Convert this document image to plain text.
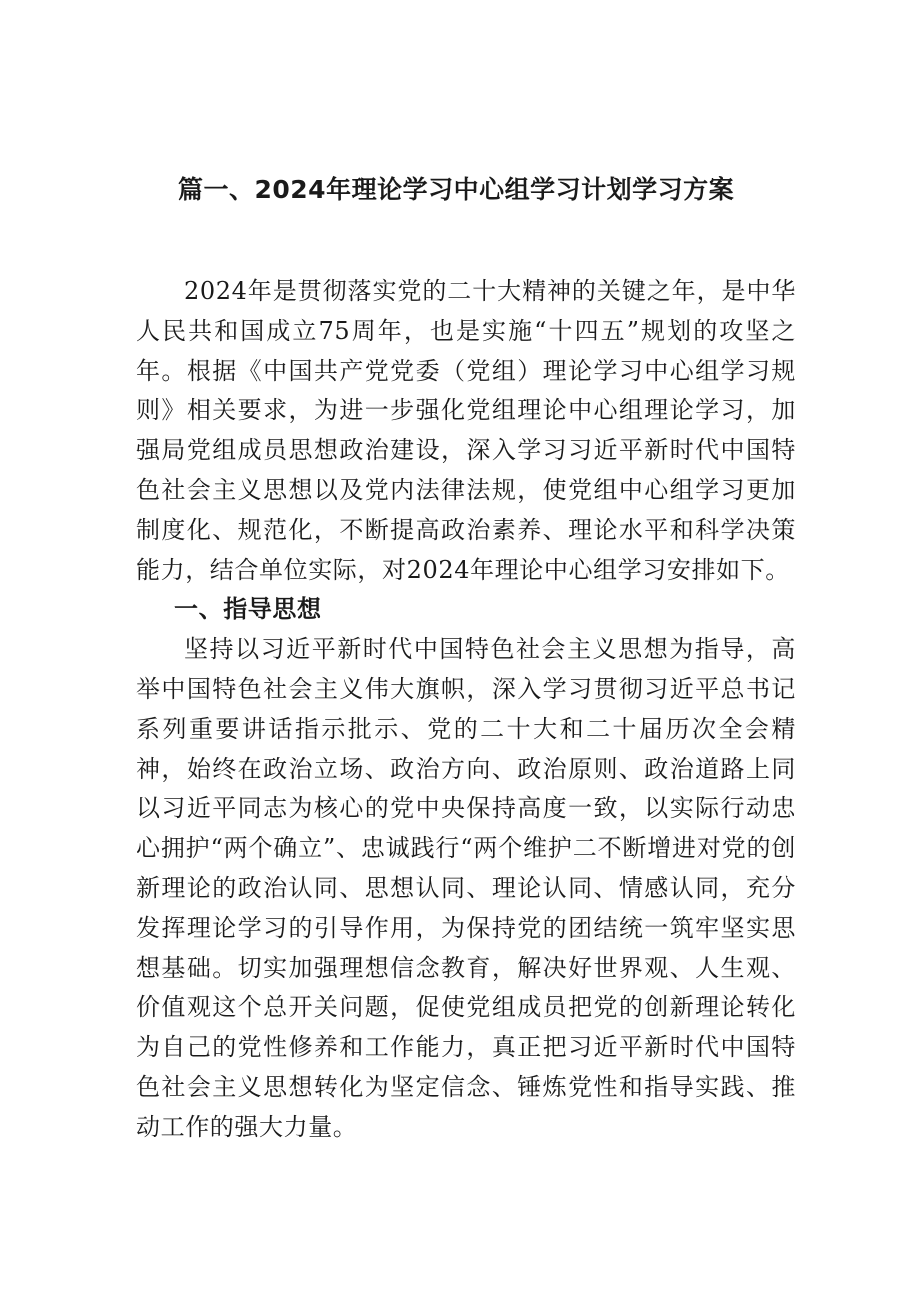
篇一、2024年理论学习中心组学习计划学习方案

2024年是贯彻落实党的二十大精神的关键之年，是中华人民共和国成立75周年，也是实施“十四五”规划的攻坚之年。根据《中国共产党党委（党组）理论学习中心组学习规则》相关要求，为进一步强化党组理论中心组理论学习，加强局党组成员思想政治建设，深入学习习近平新时代中国特色社会主义思想以及党内法律法规，使党组中心组学习更加制度化、规范化，不断提高政治素养、理论水平和科学决策能力，结合单位实际，对2024年理论中心组学习安排如下。

一、指导思想

坚持以习近平新时代中国特色社会主义思想为指导，高举中国特色社会主义伟大旗帜，深入学习贯彻习近平总书记系列重要讲话指示批示、党的二十大和二十届历次全会精神，始终在政治立场、政治方向、政治原则、政治道路上同以习近平同志为核心的党中央保持高度一致，以实际行动忠心拥护“两个确立”、忠诚践行“两个维护二不断增进对党的创新理论的政治认同、思想认同、理论认同、情感认同，充分发挥理论学习的引导作用，为保持党的团结统一筑牢坚实思想基础。切实加强理想信念教育，解决好世界观、人生观、价值观这个总开关问题，促使党组成员把党的创新理论转化为自己的党性修养和工作能力，真正把习近平新时代中国特色社会主义思想转化为坚定信念、锤炼党性和指导实践、推动工作的强大力量。
